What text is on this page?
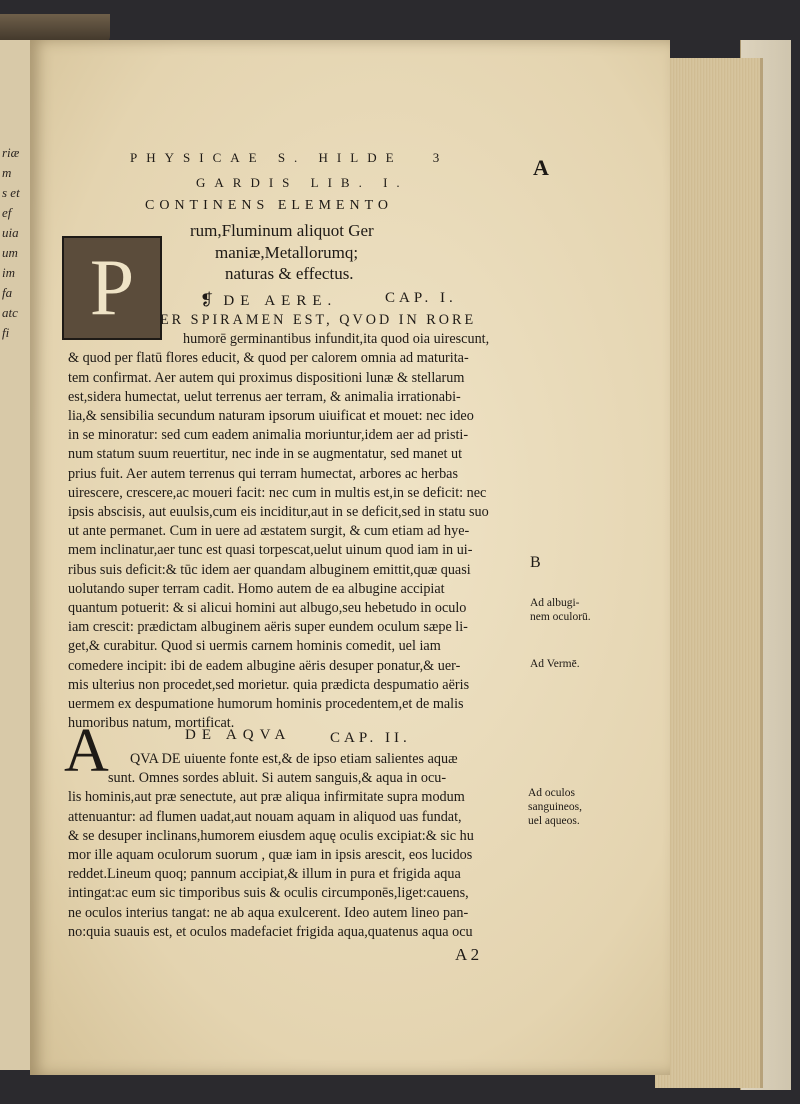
riæ
m
s et
ef
uia
um
im
fa
atc
fi
PHYSICAE S. HILDE 3	A
GARDIS LIB. I.
CONTINENS ELEMENTO
rum,Fluminum aliquot Ger
maniæ,Metallorumq;
naturas & effectus.
P	❡ DE AERE.	CAP. I.
ER SPIRAMEN EST, QVOD IN RORE
humorē germinantibus infundit,ita quod oia uirescunt,
& quod per flatū flores educit, & quod per calorem omnia ad maturita-
tem confirmat. Aer autem qui proximus dispositioni lunæ & stellarum
est,sidera humectat, uelut terrenus aer terram, & animalia irrationabi-
lia,& sensibilia secundum naturam ipsorum uiuificat et mouet: nec ideo
in se minoratur: sed cum eadem animalia moriuntur,idem aer ad pristi-
num statum suum reuertitur, nec inde in se augmentatur, sed manet ut
prius fuit. Aer autem terrenus qui terram humectat, arbores ac herbas
uirescere, crescere,ac moueri facit: nec cum in multis est,in se deficit: nec
ipsis abscisis, aut euulsis,cum eis inciditur,aut in se deficit,sed in statu suo
ut ante permanet. Cum in uere ad æstatem surgit, & cum etiam ad hye-
mem inclinatur,aer tunc est quasi torpescat,uelut uinum quod iam in ui-
ribus suis deficit:& tūc idem aer quandam albuginem emittit,quæ quasi
uolutando super terram cadit. Homo autem de ea albugine accipiat
quantum potuerit: & si alicui homini aut albugo,seu hebetudo in oculo
iam crescit: prædictam albuginem aëris super eundem oculum sæpe li-
get,& curabitur. Quod si uermis carnem hominis comedit, uel iam
comedere incipit: ibi de eadem albugine aëris desuper ponatur,& uer-
mis ulterius non procedet,sed morietur. quia prædicta despumatio aëris
uermem ex despumatione humorum hominis procedentem,et de malis
humoribus natum, mortificat.
DE AQVA	CAP. II.
A	QVA DE uiuente fonte est,& de ipso etiam salientes aquæ
sunt. Omnes sordes abluit. Si autem sanguis,& aqua in ocu-
lis hominis,aut præ senectute, aut præ aliqua infirmitate supra modum
attenuantur: ad flumen uadat,aut nouam aquam in aliquod uas fundat,
& se desuper inclinans,humorem eiusdem aquę oculis excipiat:& sic hu
mor ille aquam oculorum suorum , quæ iam in ipsis arescit, eos lucidos
reddet.Lineum quoq; pannum accipiat,& illum in pura et frigida aqua
intingat:ac eum sic timporibus suis & oculis circumponēs,liget:cauens,
ne oculos interius tangat: ne ab aqua exulcerent. Ideo autem lineo pan-
no:quia suauis est, et oculos madefaciet frigida aqua,quatenus aqua ocu
B
Ad albugi-
nem oculorū.
Ad Vermē.
Ad oculos
sanguineos,
uel aqueos.
A 2
